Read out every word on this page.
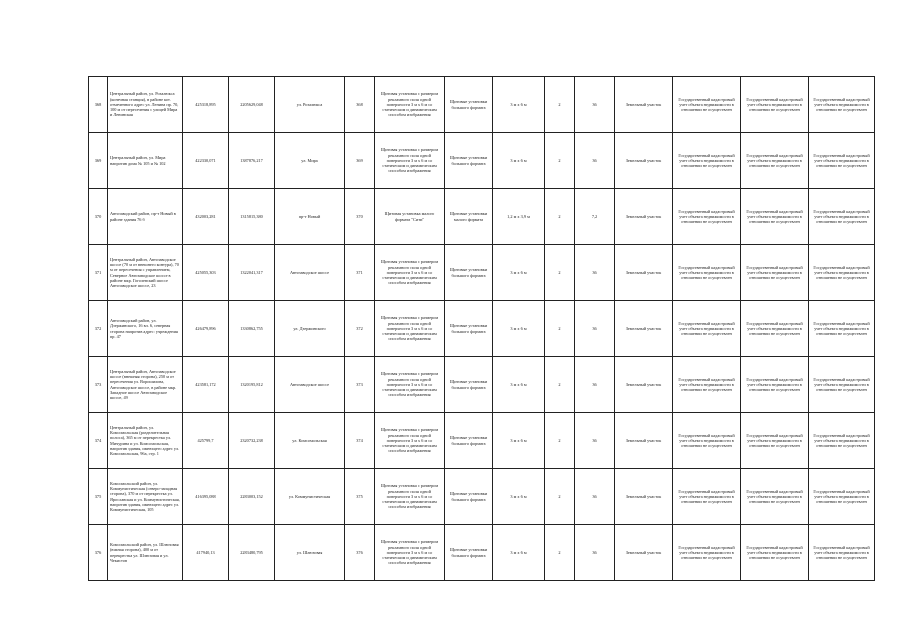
368	Центральный район, ул. Розалюкса (конечная станция), в районе кот. отмеченного адрес ул. Ленина пр. 70, 100 м от пересечения с улицей Мира и Ленинская	425318,895	2205629,048	ул. Розалюкса	368	Щитовая установка с размером рекламного поля одной поверхности 3 м x 6 м со статическим и динамическим способом изображения	Щитовые установки большого формата	3 м x 6 м	2	36	Земельный участок	Государственный кадастровый учет объекта недвижимости в отношении не осуществлен	Государственный кадастровый учет объекта недвижимости в отношении не осуществлен	Государственный кадастровый учет объекта недвижимости в отношении не осуществлен
369	Центральный район, ул. Мира напротив дома № 105 и № 102	422330,071	1387876,217	ул. Мира	369	Щитовая установка с размером рекламного поля одной поверхности 3 м x 6 м со статическим и динамическим способом изображения	Щитовые установки большого формата	3 м x 6 м	2	36	Земельный участок	Государственный кадастровый учет объекта недвижимости в отношении не осуществлен	Государственный кадастровый учет объекта недвижимости в отношении не осуществлен	Государственный кадастровый учет объекта недвижимости в отношении не осуществлен
370	Автозаводский район, пр-т Новый в районе здания 76 б	432003,281	1315815,380	пр-т Новый	370	Щитовая установка малого формата "Сити"	Щитовые установки малого формата	1,2 м x 3,9 м	2	7,2	Земельный участок	Государственный кадастровый учет объекта недвижимости в отношении не осуществлен	Государственный кадастровый учет объекта недвижимости в отношении не осуществлен	Государственный кадастровый учет объекта недвижимости в отношении не осуществлен
371	Центральный район, Автозаводское шоссе (70 м от внешнего контура), 70 м от пересечения с управлением, Северное Автозаводское шоссе в районе мкр. Гоголевский шоссе Автозаводское шоссе, 23	425055,303	1322041,317	Автозаводское шоссе	371	Щитовая установка с размером рекламного поля одной поверхности 3 м x 6 м со статическим и динамическим способом изображения	Щитовые установки большого формата	3 м x 6 м	2	36	Земельный участок	Государственный кадастровый учет объекта недвижимости в отношении не осуществлен	Государственный кадастровый учет объекта недвижимости в отношении не осуществлен	Государственный кадастровый учет объекта недвижимости в отношении не осуществлен
372	Автозаводский район, ул. Дзержинского, 16 вл. 6, северная сторона напротив адрес: учреждения пр. 47	426479,896	1330862,755	ул. Дзержинского	372	Щитовая установка с размером рекламного поля одной поверхности 3 м x 6 м со статическим и динамическим способом изображения	Щитовые установки большого формата	3 м x 6 м	2	36	Земельный участок	Государственный кадастровый учет объекта недвижимости в отношении не осуществлен	Государственный кадастровый учет объекта недвижимости в отношении не осуществлен	Государственный кадастровый учет объекта недвижимости в отношении не осуществлен
373	Центральный район, Автозаводское шоссе (внешняя сторона), 250 м от пересечения ул. Ворошилова, Автозаводское шоссе, в районе мкр. Западное шоссе Автозаводское шоссе, 49	423581,172	1320195,812	Автозаводское шоссе	373	Щитовая установка с размером рекламного поля одной поверхности 3 м x 6 м со статическим и динамическим способом изображения	Щитовые установки большого формата	3 м x 6 м	2	36	Земельный участок	Государственный кадастровый учет объекта недвижимости в отношении не осуществлен	Государственный кадастровый учет объекта недвижимости в отношении не осуществлен	Государственный кадастровый учет объекта недвижимости в отношении не осуществлен
374	Центральный район, ул. Комсомольская (разделительная полоса), 365 м от перекрестка ул. Мичурина и ул. Комсомольская, напротив здания, имеющего адрес ул. Комсомольская, 96а, стр. 1	425799,7	2320732,238	ул. Комсомольская	374	Щитовая установка с размером рекламного поля одной поверхности 3 м x 6 м со статическим и динамическим способом изображения	Щитовые установки большого формата	3 м x 6 м	2	36	Земельный участок	Государственный кадастровый учет объекта недвижимости в отношении не осуществлен	Государственный кадастровый учет объекта недвижимости в отношении не осуществлен	Государственный кадастровый учет объекта недвижимости в отношении не осуществлен
375	Комсомольский район, ул. Коммунистическая (северо-западная сторона), 370 м от перекрестка ул. Ярославская и ул. Коммунистическая, напротив здания, имеющего адрес ул. Коммунистическая, 105	416395,088	2283003,152	ул. Коммунистическая	375	Щитовая установка с размером рекламного поля одной поверхности 3 м x 6 м со статическим и динамическим способом изображения	Щитовые установки большого формата	3 м x 6 м	2	36	Земельный участок	Государственный кадастровый учет объекта недвижимости в отношении не осуществлен	Государственный кадастровый учет объекта недвижимости в отношении не осуществлен	Государственный кадастровый учет объекта недвижимости в отношении не осуществлен
376	Комсомольский район, ул. Шлюзовая (южная сторона), 400 м от перекрестка ул. Шлюзовая и ул. Чекистов	417940,13	2283480,795	ул. Шлюзовая	376	Щитовая установка с размером рекламного поля одной поверхности 3 м x 6 м со статическим и динамическим способом изображения	Щитовые установки большого формата	3 м x 6 м	2	36	Земельный участок	Государственный кадастровый учет объекта недвижимости в отношении не осуществлен	Государственный кадастровый учет объекта недвижимости в отношении не осуществлен	Государственный кадастровый учет объекта недвижимости в отношении не осуществлен
